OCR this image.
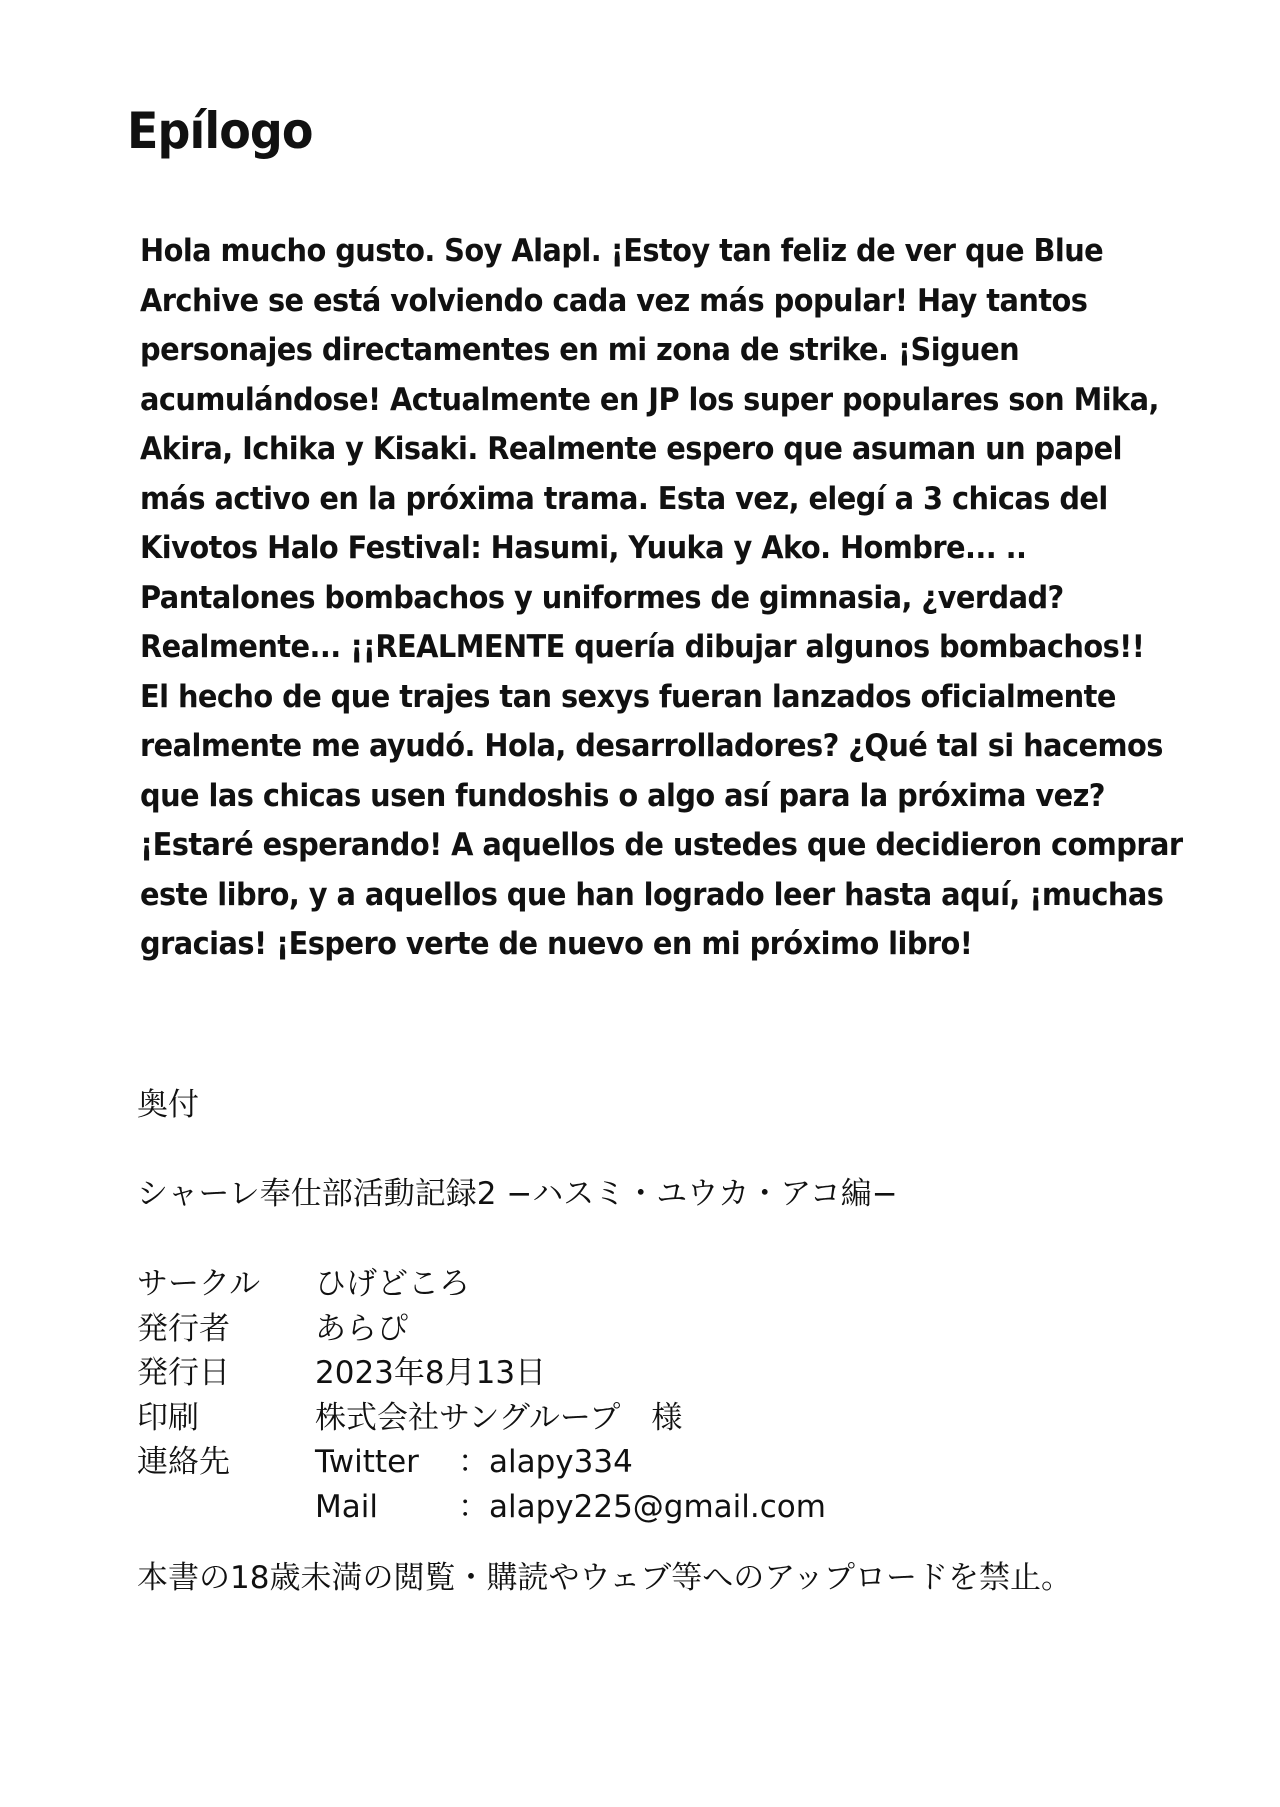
Epílogo

Hola mucho gusto. Soy Alapl. ¡Estoy tan feliz de ver que Blue
Archive se está volviendo cada vez más popular! Hay tantos
personajes directamentes en mi zona de strike. ¡Siguen
acumulándose! Actualmente en JP los super populares son Mika,
Akira, Ichika y Kisaki. Realmente espero que asuman un papel
más activo en la próxima trama. Esta vez, elegí a 3 chicas del
Kivotos Halo Festival: Hasumi, Yuuka y Ako. Hombre... ..
Pantalones bombachos y uniformes de gimnasia, ¿verdad?
Realmente... ¡¡REALMENTE quería dibujar algunos bombachos!!
El hecho de que trajes tan sexys fueran lanzados oficialmente
realmente me ayudó. Hola, desarrolladores? ¿Qué tal si hacemos
que las chicas usen fundoshis o algo así para la próxima vez?
¡Estaré esperando! A aquellos de ustedes que decidieron comprar
este libro, y a aquellos que han logrado leer hasta aquí, ¡muchas
gracias! ¡Espero verte de nuevo en mi próximo libro!

奥付
シャーレ奉仕部活動記録2 −ハスミ・ユウカ・アコ編−
サークル	ひげどころ
発行者	あらぴ
発行日	2023年8月13日
印刷	株式会社サングループ　様
連絡先	Twitter	：alapy334
Mail	：alapy225@gmail.com
本書の18歳未満の閲覧・購読やウェブ等へのアップロードを禁止。
